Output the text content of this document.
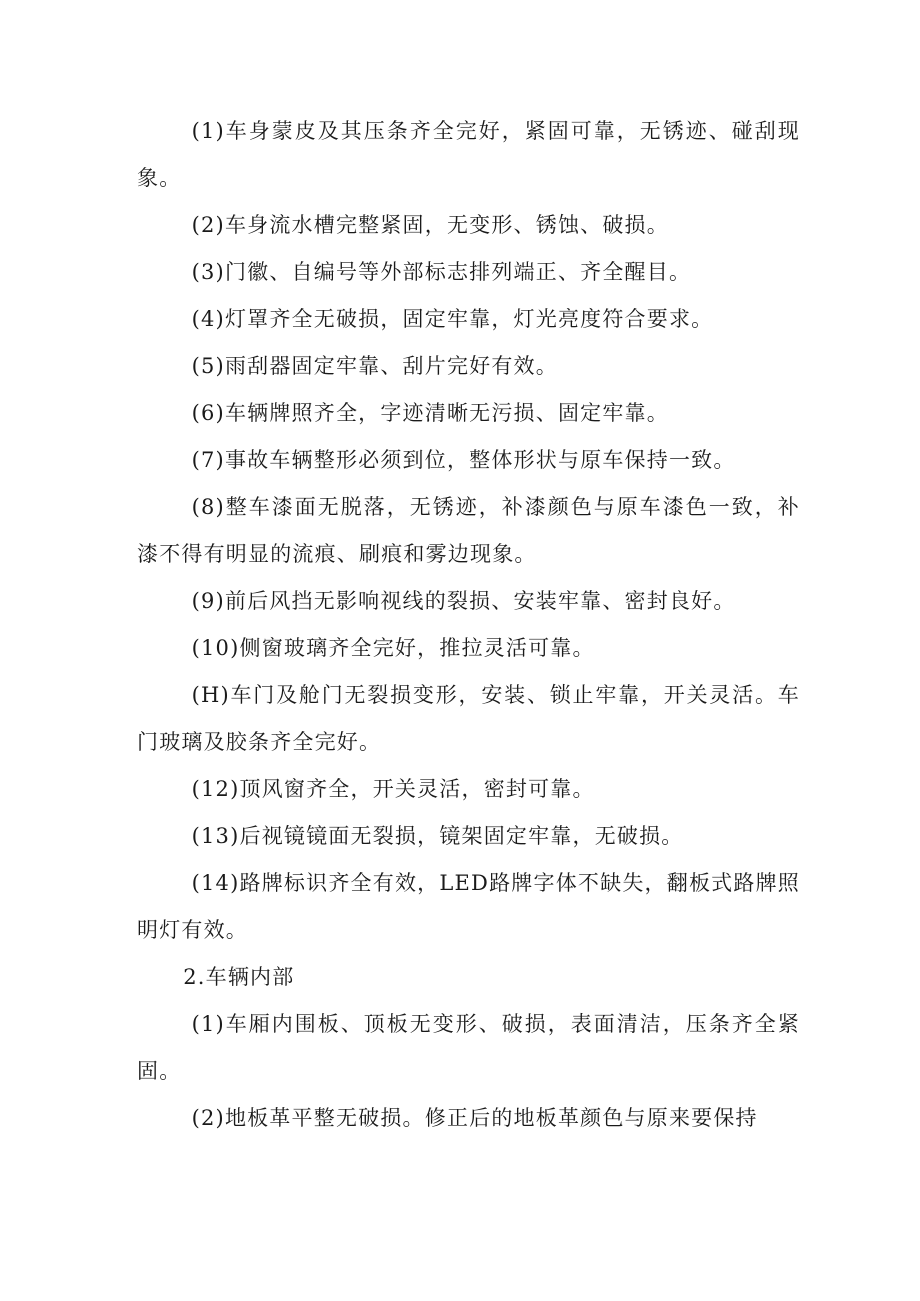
(1)车身蒙皮及其压条齐全完好，紧固可靠，无锈迹、碰刮现象。

(2)车身流水槽完整紧固，无变形、锈蚀、破损。

(3)门徽、自编号等外部标志排列端正、齐全醒目。

(4)灯罩齐全无破损，固定牢靠，灯光亮度符合要求。

(5)雨刮器固定牢靠、刮片完好有效。

(6)车辆牌照齐全，字迹清晰无污损、固定牢靠。

(7)事故车辆整形必须到位，整体形状与原车保持一致。

(8)整车漆面无脱落，无锈迹，补漆颜色与原车漆色一致，补漆不得有明显的流痕、刷痕和雾边现象。

(9)前后风挡无影响视线的裂损、安装牢靠、密封良好。

(10)侧窗玻璃齐全完好，推拉灵活可靠。

(H)车门及舱门无裂损变形，安装、锁止牢靠，开关灵活。车门玻璃及胶条齐全完好。

(12)顶风窗齐全，开关灵活，密封可靠。

(13)后视镜镜面无裂损，镜架固定牢靠，无破损。

(14)路牌标识齐全有效，LED路牌字体不缺失，翻板式路牌照明灯有效。

2.车辆内部

(1)车厢内围板、顶板无变形、破损，表面清洁，压条齐全紧固。

(2)地板革平整无破损。修正后的地板革颜色与原来要保持
